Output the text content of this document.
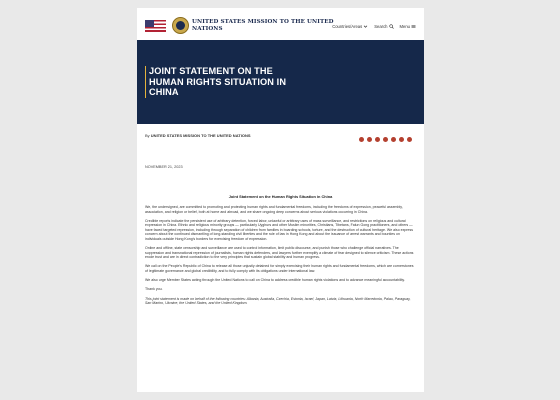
UNITED STATES MISSION TO THE UNITED NATIONS	Countries/Areas	Search	Menu
JOINT STATEMENT ON THE HUMAN RIGHTS SITUATION IN CHINA
By UNITED STATES MISSION TO THE UNITED NATIONS
NOVEMBER 21, 2023
Joint Statement on the Human Rights Situation in China

We, the undersigned, are committed to promoting and protecting human rights and fundamental freedoms, including the freedoms of expression, peaceful assembly, association, and religion or belief, both at home and abroad, and we share ongoing deep concerns about serious violations occurring in China.

Credible reports indicate the persistent use of arbitrary detention, forced labor, unlawful or arbitrary uses of mass surveillance, and restrictions on religious and cultural expression in China. Ethnic and religious minority groups — particularly Uyghurs and other Muslim minorities, Christians, Tibetans, Falun Gong practitioners, and others — have faced targeted repression, including through separation of children from families in boarding schools, torture, and the destruction of cultural heritage. We also express concern about the continued dismantling of long-standing civil liberties and the rule of law in Hong Kong and about the issuance of arrest warrants and bounties on individuals outside Hong Kong's borders for exercising freedom of expression.

Online and offline, state censorship and surveillance are used to control information, limit public discourse, and punish those who challenge official narratives. The suppression and transnational repression of journalists, human rights defenders, and lawyers further exemplify a climate of fear designed to silence criticism. These actions erode trust and are in direct contradiction to the very principles that sustain global stability and human progress.

We call on the People's Republic of China to release all those unjustly detained for simply exercising their human rights and fundamental freedoms, which are cornerstones of legitimate governance and global credibility, and to fully comply with its obligations under international law.

We also urge Member States acting through the United Nations to call on China to address credible human rights violations and to advance meaningful accountability.

Thank you.

This joint statement is made on behalf of the following countries: Albania, Australia, Czechia, Estonia, Israel, Japan, Latvia, Lithuania, North Macedonia, Palau, Paraguay, San Marino, Ukraine, the United States, and the United Kingdom.
